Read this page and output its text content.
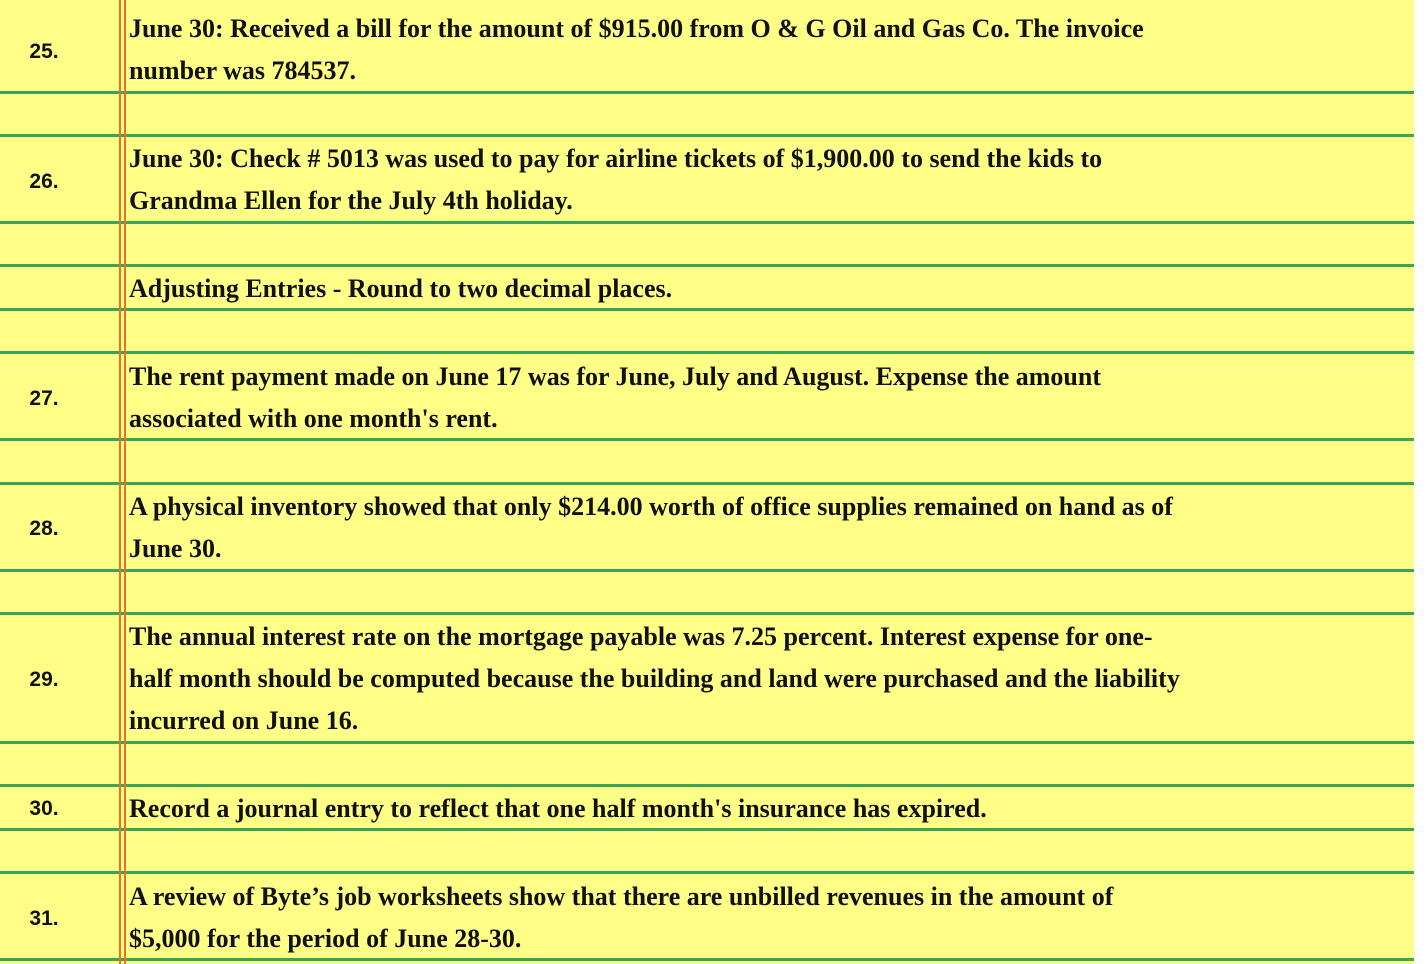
25.
June 30: Received a bill for the amount of $915.00 from O & G Oil and Gas Co. The invoice
number was 784537.
26.
June 30: Check # 5013 was used to pay for airline tickets of $1,900.00 to send the kids to
Grandma Ellen for the July 4th holiday.
Adjusting Entries - Round to two decimal places.
27.
The rent payment made on June 17 was for June, July and August. Expense the amount
associated with one month's rent.
28.
A physical inventory showed that only $214.00 worth of office supplies remained on hand as of
June 30.
29.
The annual interest rate on the mortgage payable was 7.25 percent. Interest expense for one-
half month should be computed because the building and land were purchased and the liability
incurred on June 16.
30.	Record a journal entry to reflect that one half month's insurance has expired.
31.
A review of Byte’s job worksheets show that there are unbilled revenues in the amount of
$5,000 for the period of June 28-30.
